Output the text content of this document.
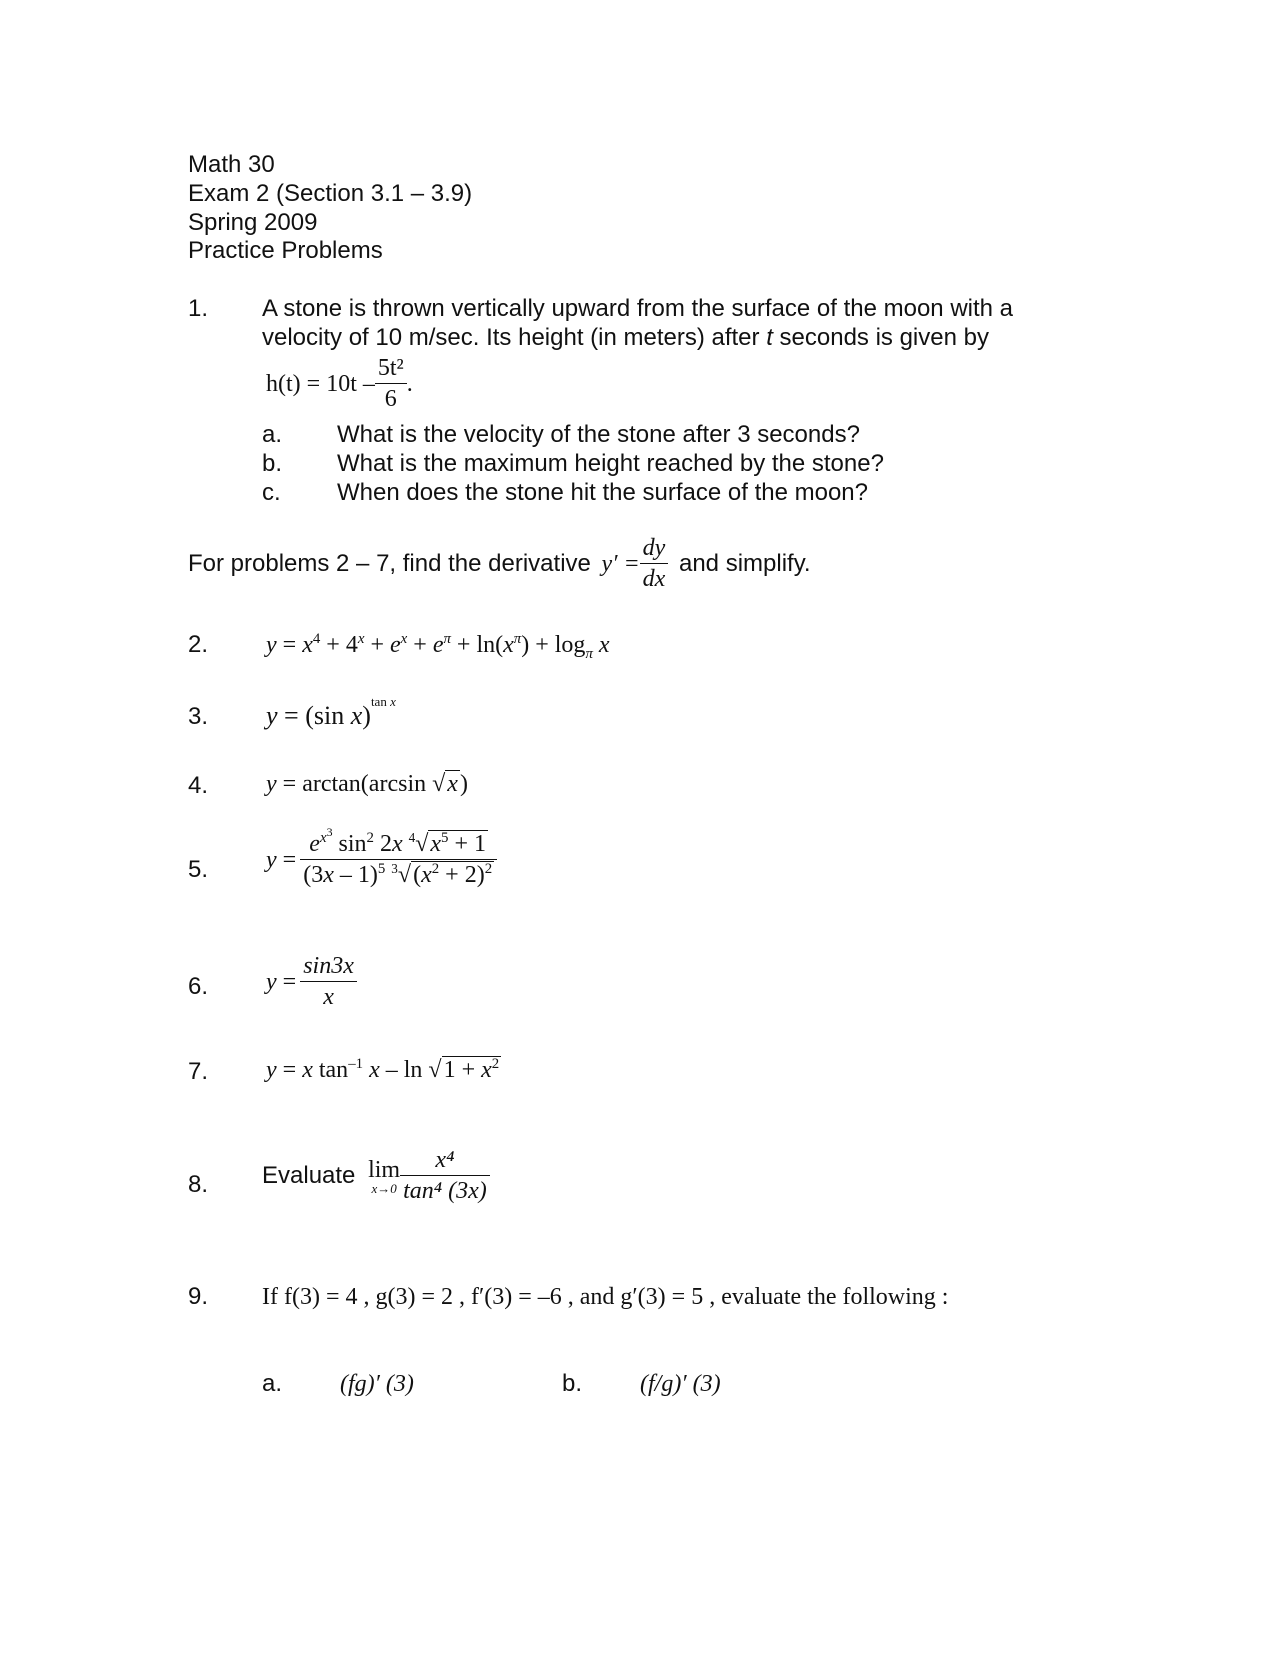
Math 30
Exam 2 (Section 3.1 – 3.9)
Spring 2009
Practice Problems
1. A stone is thrown vertically upward from the surface of the moon with a
velocity of 10 m/sec. Its height (in meters) after t seconds is given by
$h(t) = 10t - \frac{\text{5t²}}{6}$ .
a. What is the velocity of the stone after 3 seconds?
b. What is the maximum height reached by the stone?
c. When does the stone hit the surface of the moon?
For problems 2 – 7, find the derivative $y' = \frac{dy}{dx}$ and simplify.
2. $y = x^4 + 4^x + e^x + e^\pi + \ln(x^\pi) + \log_\pi x$
3. y = (sin x)$^{tan x}$
4. y = arctan(arcsin √x)
5. $y = \frac{e^{x^3} \sin^2 2x ^4√x^5 + 1}{(3x - 1)^5 ^3√(x^2 + 2)^2}$
6. $y = \frac{\sin 3x}{x}$
7. y = x $\tan^{-1} x - \ln √1 + x^2$
8. Evaluate lim
$x\to 0 \frac{\text{x⁴}}{\text{tan⁴ (3x)}}$
9. If f(3) = 4 , g(3) = 2 , f′(3) = –6 , and g′(3) = 5 , evaluate the following :
a. (fg)′ (3)	b. (f/g)′ (3)
